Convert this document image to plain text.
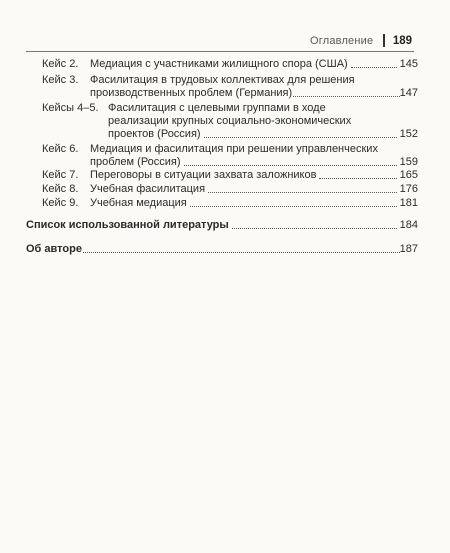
Оглавление 189
Кейс 2. Медиация с участниками жилищного спора (США)	145
Кейс 3. Фасилитация в трудовых коллективах для решения
производственных проблем (Германия)	147
Кейсы 4–5. Фасилитация с целевыми группами в ходе
реализации крупных социально-экономических
проектов (Россия)	152
Кейс 6. Медиация и фасилитация при решении управленческих
проблем (Россия)	159
Кейс 7. Переговоры в ситуации захвата заложников	165
Кейс 8. Учебная фасилитация	176
Кейс 9. Учебная медиация	181
Список использованной литературы	184
Об авторе	187
